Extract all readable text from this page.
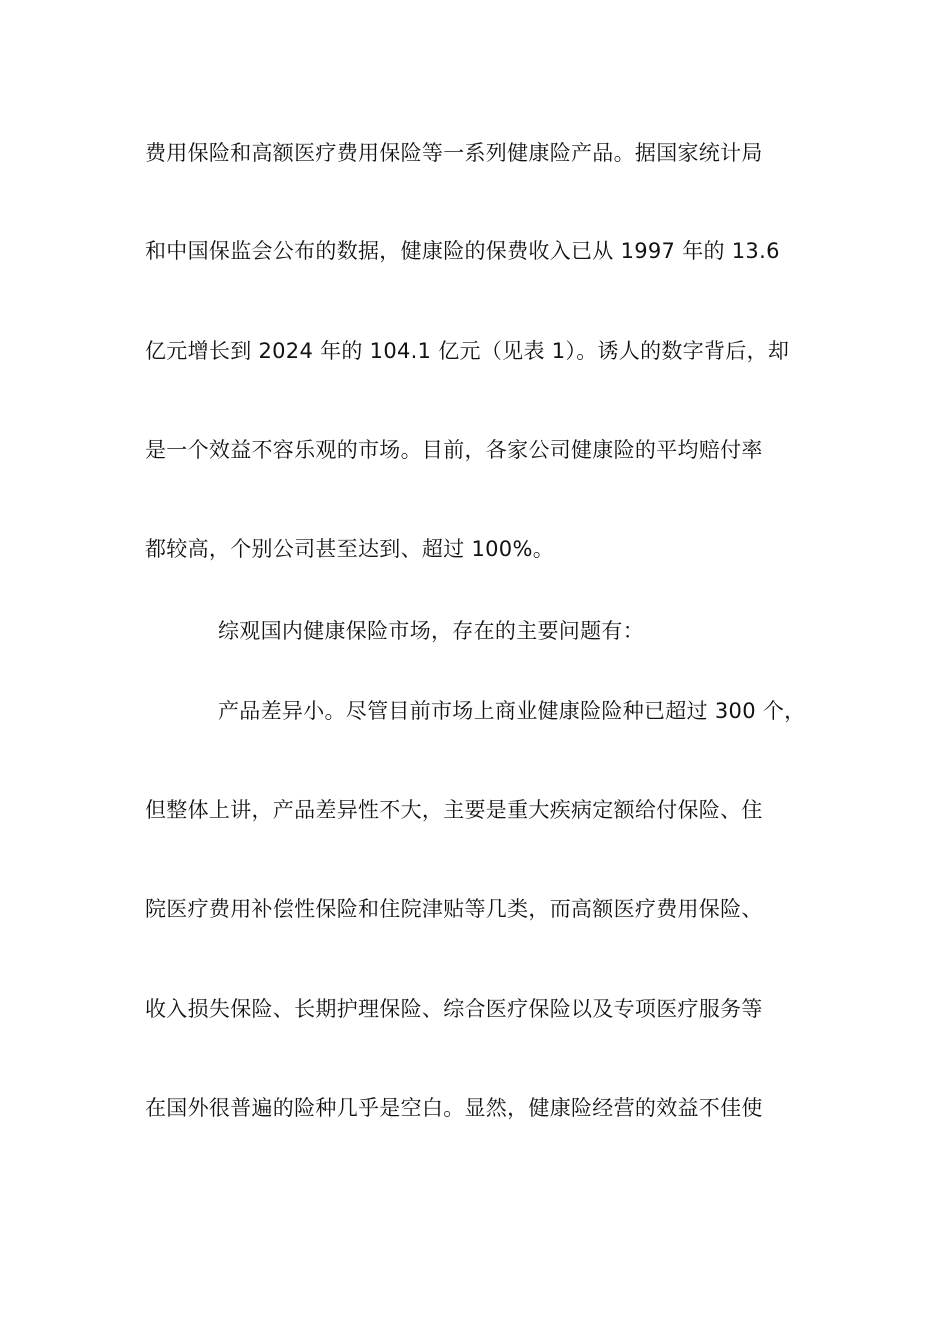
费用保险和高额医疗费用保险等一系列健康险产品。据国家统计局
和中国保监会公布的数据，健康险的保费收入已从 1997 年的 13.6
亿元增长到 2024 年的 104.1 亿元（见表 1）。诱人的数字背后，却
是一个效益不容乐观的市场。目前，各家公司健康险的平均赔付率
都较高，个别公司甚至达到、超过 100%。
综观国内健康保险市场，存在的主要问题有：
产品差异小。尽管目前市场上商业健康险险种已超过 300 个，
但整体上讲，产品差异性不大，主要是重大疾病定额给付保险、住
院医疗费用补偿性保险和住院津贴等几类，而高额医疗费用保险、
收入损失保险、长期护理保险、综合医疗保险以及专项医疗服务等
在国外很普遍的险种几乎是空白。显然，健康险经营的效益不佳使
